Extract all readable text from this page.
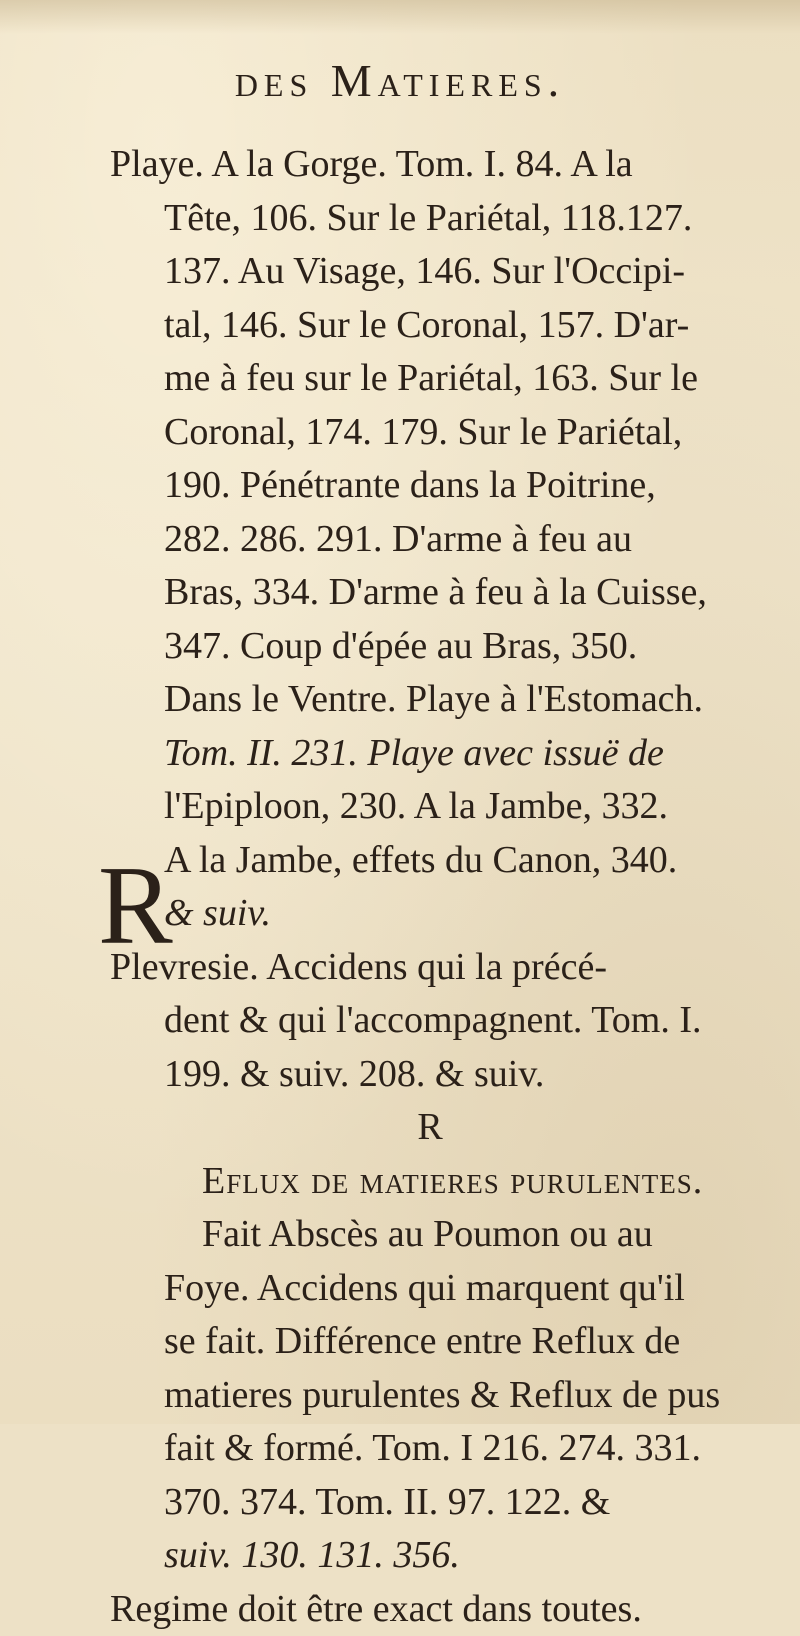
des Matieres.
Playe. A la Gorge. Tom. I. 84. A la
Tête, 106. Sur le Pariétal, 118.127.
137. Au Visage, 146. Sur l'Occipi-
tal, 146. Sur le Coronal, 157. D'ar-
me à feu sur le Pariétal, 163. Sur le
Coronal, 174. 179. Sur le Pariétal,
190. Pénétrante dans la Poitrine,
282. 286. 291. D'arme à feu au
Bras, 334. D'arme à feu à la Cuisse,
347. Coup d'épée au Bras, 350.
Dans le Ventre. Playe à l'Estomach.
Tom. II. 231. Playe avec issuë de
l'Epiploon, 230. A la Jambe, 332.
A la Jambe, effets du Canon, 340.
& suiv.
Plevresie. Accidens qui la précé-
dent & qui l'accompagnent. Tom. I.
199. & suiv. 208. & suiv.
R
Eflux de matieres purulentes.
Fait Abscès au Poumon ou au
Foye. Accidens qui marquent qu'il
se fait. Différence entre Reflux de
matieres purulentes & Reflux de pus
fait & formé. Tom. I 216. 274. 331.
370. 374. Tom. II. 97. 122. &
suiv. 130. 131. 356.
Regime doit être exact dans toutes.
R
